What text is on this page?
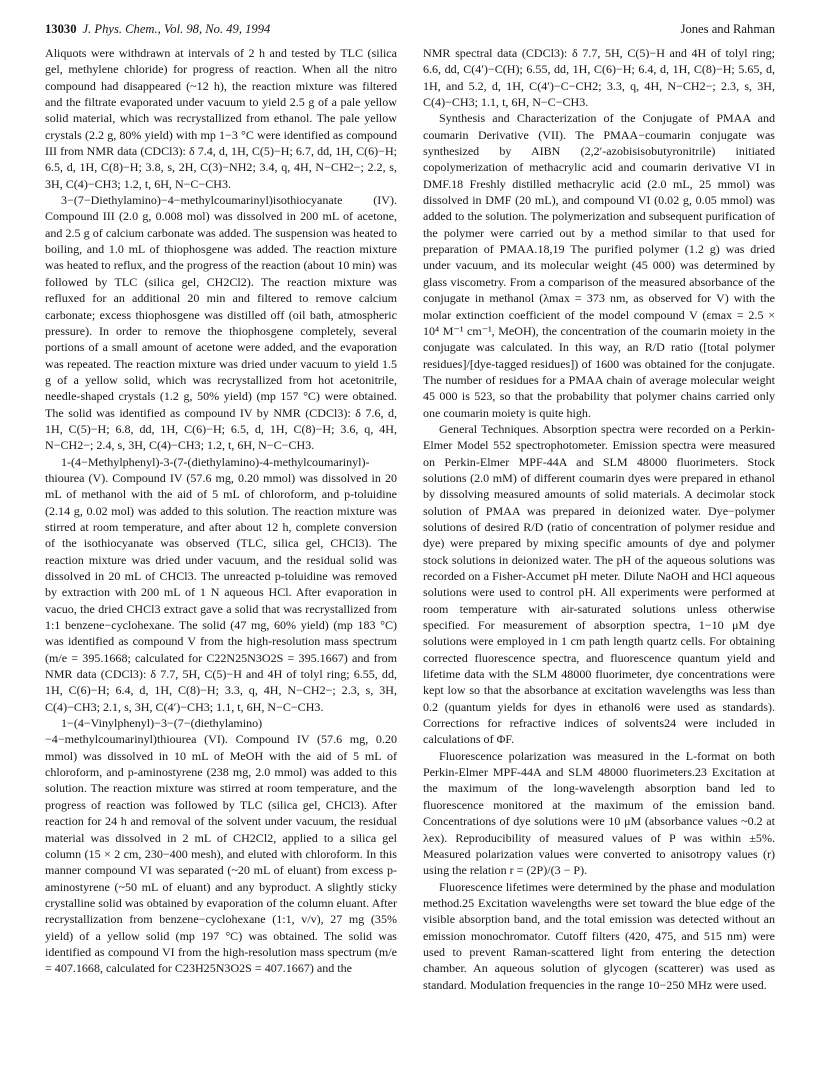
13030 J. Phys. Chem., Vol. 98, No. 49, 1994	Jones and Rahman

Aliquots were withdrawn at intervals of 2 h and tested by TLC (silica gel, methylene chloride) for progress of reaction. When all the nitro compound had disappeared (~12 h), the reaction mixture was filtered and the filtrate evaporated under vacuum to yield 2.5 g of a pale yellow solid material, which was recrystallized from ethanol. The pale yellow crystals (2.2 g, 80% yield) with mp 1−3 °C were identified as compound III from NMR data (CDCl3): δ 7.4, d, 1H, C(5)−H; 6.7, dd, 1H, C(6)−H; 6.5, d, 1H, C(8)−H; 3.8, s, 2H, C(3)−NH2; 3.4, q, 4H, N−CH2−; 2.2, s, 3H, C(4)−CH3; 1.2, t, 6H, N−C−CH3.

3−(7−Diethylamino)−4−methylcoumarinyl)isothiocyanate (IV). Compound III (2.0 g, 0.008 mol) was dissolved in 200 mL of acetone, and 2.5 g of calcium carbonate was added. The suspension was heated to boiling, and 1.0 mL of thiophosgene was added. The reaction mixture was heated to reflux, and the progress of the reaction (about 10 min) was followed by TLC (silica gel, CH2Cl2). The reaction mixture was refluxed for an additional 20 min and filtered to remove calcium carbonate; excess thiophosgene was distilled off (oil bath, atmospheric pressure). In order to remove the thiophosgene completely, several portions of a small amount of acetone were added, and the evaporation was repeated. The reaction mixture was dried under vacuum to yield 1.5 g of a yellow solid, which was recrystallized from hot acetonitrile, needle-shaped crystals (1.2 g, 50% yield) (mp 157 °C) were obtained. The solid was identified as compound IV by NMR (CDCl3): δ 7.6, d, 1H, C(5)−H; 6.8, dd, 1H, C(6)−H; 6.5, d, 1H, C(8)−H; 3.6, q, 4H, N−CH2−; 2.4, s, 3H, C(4)−CH3; 1.2, t, 6H, N−C−CH3.

1-(4−Methylphenyl)-3-(7-(diethylamino)-4-methylcoumarinyl)-thiourea (V). Compound IV (57.6 mg, 0.20 mmol) was dissolved in 20 mL of methanol with the aid of 5 mL of chloroform, and p-toluidine (2.14 g, 0.02 mol) was added to this solution. The reaction mixture was stirred at room temperature, and after about 12 h, complete conversion of the isothiocyanate was observed (TLC, silica gel, CHCl3). The reaction mixture was dried under vacuum, and the residual solid was dissolved in 20 mL of CHCl3. The unreacted p-toluidine was removed by extraction with 200 mL of 1 N aqueous HCl. After evaporation in vacuo, the dried CHCl3 extract gave a solid that was recrystallized from 1:1 benzene−cyclohexane. The solid (47 mg, 60% yield) (mp 183 °C) was identified as compound V from the high-resolution mass spectrum (m/e = 395.1668; calculated for C22N25N3O2S = 395.1667) and from NMR data (CDCl3): δ 7.7, 5H, C(5)−H and 4H of tolyl ring; 6.55, dd, 1H, C(6)−H; 6.4, d, 1H, C(8)−H; 3.3, q, 4H, N−CH2−; 2.3, s, 3H, C(4)−CH3; 2.1, s, 3H, C(4′)−CH3; 1.1, t, 6H, N−C−CH3.

1−(4−Vinylphenyl)−3−(7−(diethylamino)−4−methylcoumarinyl)thiourea (VI). Compound IV (57.6 mg, 0.20 mmol) was dissolved in 10 mL of MeOH with the aid of 5 mL of chloroform, and p-aminostyrene (238 mg, 2.0 mmol) was added to this solution. The reaction mixture was stirred at room temperature, and the progress of reaction was followed by TLC (silica gel, CHCl3). After reaction for 24 h and removal of the solvent under vacuum, the residual material was dissolved in 2 mL of CH2Cl2, applied to a silica gel column (15 × 2 cm, 230−400 mesh), and eluted with chloroform. In this manner compound VI was separated (~20 mL of eluant) from excess p-aminostyrene (~50 mL of eluant) and any byproduct. A slightly sticky crystalline solid was obtained by evaporation of the column eluant. After recrystallization from benzene−cyclohexane (1:1, v/v), 27 mg (35% yield) of a yellow solid (mp 197 °C) was obtained. The solid was identified as compound VI from the high-resolution mass spectrum (m/e = 407.1668, calculated for C23H25N3O2S = 407.1667) and the

NMR spectral data (CDCl3): δ 7.7, 5H, C(5)−H and 4H of tolyl ring; 6.6, dd, C(4′)−C(H); 6.55, dd, 1H, C(6)−H; 6.4, d, 1H, C(8)−H; 5.65, d, 1H, and 5.2, d, 1H, C(4′)−C−CH2; 3.3, q, 4H, N−CH2−; 2.3, s, 3H, C(4)−CH3; 1.1, t, 6H, N−C−CH3.

Synthesis and Characterization of the Conjugate of PMAA and coumarin Derivative (VII). The PMAA−coumarin conjugate was synthesized by AIBN (2,2′-azobisisobutyronitrile) initiated copolymerization of methacrylic acid and coumarin derivative VI in DMF.18 Freshly distilled methacrylic acid (2.0 mL, 25 mmol) was dissolved in DMF (20 mL), and compound VI (0.02 g, 0.05 mmol) was added to the solution. The polymerization and subsequent purification of the polymer were carried out by a method similar to that used for preparation of PMAA.18,19 The purified polymer (1.2 g) was dried under vacuum, and its molecular weight (45 000) was determined by glass viscometry. From a comparison of the measured absorbance of the conjugate in methanol (λmax = 373 nm, as observed for V) with the molar extinction coefficient of the model compound V (εmax = 2.5 × 10⁴ M⁻¹ cm⁻¹, MeOH), the concentration of the coumarin moiety in the conjugate was calculated. In this way, an R/D ratio ([total polymer residues]/[dye-tagged residues]) of 1600 was obtained for the conjugate. The number of residues for a PMAA chain of average molecular weight 45 000 is 523, so that the probability that polymer chains carried only one coumarin moiety is quite high.

General Techniques. Absorption spectra were recorded on a Perkin-Elmer Model 552 spectrophotometer. Emission spectra were measured on Perkin-Elmer MPF-44A and SLM 48000 fluorimeters. Stock solutions (2.0 mM) of different coumarin dyes were prepared in ethanol by dissolving measured amounts of solid materials. A decimolar stock solution of PMAA was prepared in deionized water. Dye−polymer solutions of desired R/D (ratio of concentration of polymer residue and dye) were prepared by mixing specific amounts of dye and polymer stock solutions in deionized water. The pH of the aqueous solutions was recorded on a Fisher-Accumet pH meter. Dilute NaOH and HCl aqueous solutions were used to control pH. All experiments were performed at room temperature with air-saturated solutions unless otherwise specified. For measurement of absorption spectra, 1−10 μM dye solutions were employed in 1 cm path length quartz cells. For obtaining corrected fluorescence spectra, and fluorescence quantum yield and lifetime data with the SLM 48000 fluorimeter, dye concentrations were kept low so that the absorbance at excitation wavelengths was less than 0.2 (quantum yields for dyes in ethanol6 were used as standards). Corrections for refractive indices of solvents24 were included in calculations of ΦF.

Fluorescence polarization was measured in the L-format on both Perkin-Elmer MPF-44A and SLM 48000 fluorimeters.23 Excitation at the maximum of the long-wavelength absorption band led to fluorescence monitored at the maximum of the emission band. Concentrations of dye solutions were 10 μM (absorbance values ~0.2 at λex). Reproducibility of measured values of P was within ±5%. Measured polarization values were converted to anisotropy values (r) using the relation r = (2P)/(3 − P).

Fluorescence lifetimes were determined by the phase and modulation method.25 Excitation wavelengths were set toward the blue edge of the visible absorption band, and the total emission was detected without an emission monochromator. Cutoff filters (420, 475, and 515 nm) were used to prevent Raman-scattered light from entering the detection chamber. An aqueous solution of glycogen (scatterer) was used as standard. Modulation frequencies in the range 10−250 MHz were used.
